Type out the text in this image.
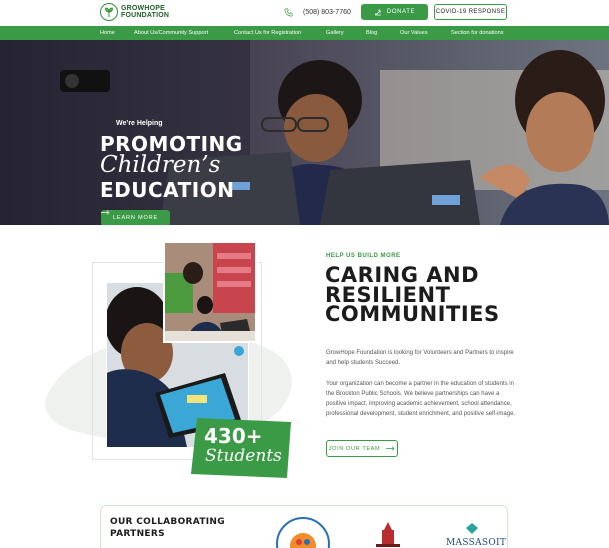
GROWHOPE
FOUNDATION	(508) 803-7760	DONATE	COVID-19 RESPONSE
Home	About Us/Community Support	Contact Us for Registration	Gallery	Blog	Our Values	Section for donations
We’re Helping
PROMOTING
Children’s
EDUCATION
LEARN MORE
430+
Students
HELP US BUILD MORE
CARING AND
RESILIENT
COMMUNITIES
GrowHope Foundation is looking for Volunteers and Partners to inspire and help students Succeed.
Your organization can become a partner in the education of students in the Brockton Public Schools. We believe partnerships can have a positive impact, improving academic achievement, school attendance, professional development, student enrichment, and positive self-image.
JOIN OUR TEAM
OUR COLLABORATING
PARTNERS
MASSASOIT
